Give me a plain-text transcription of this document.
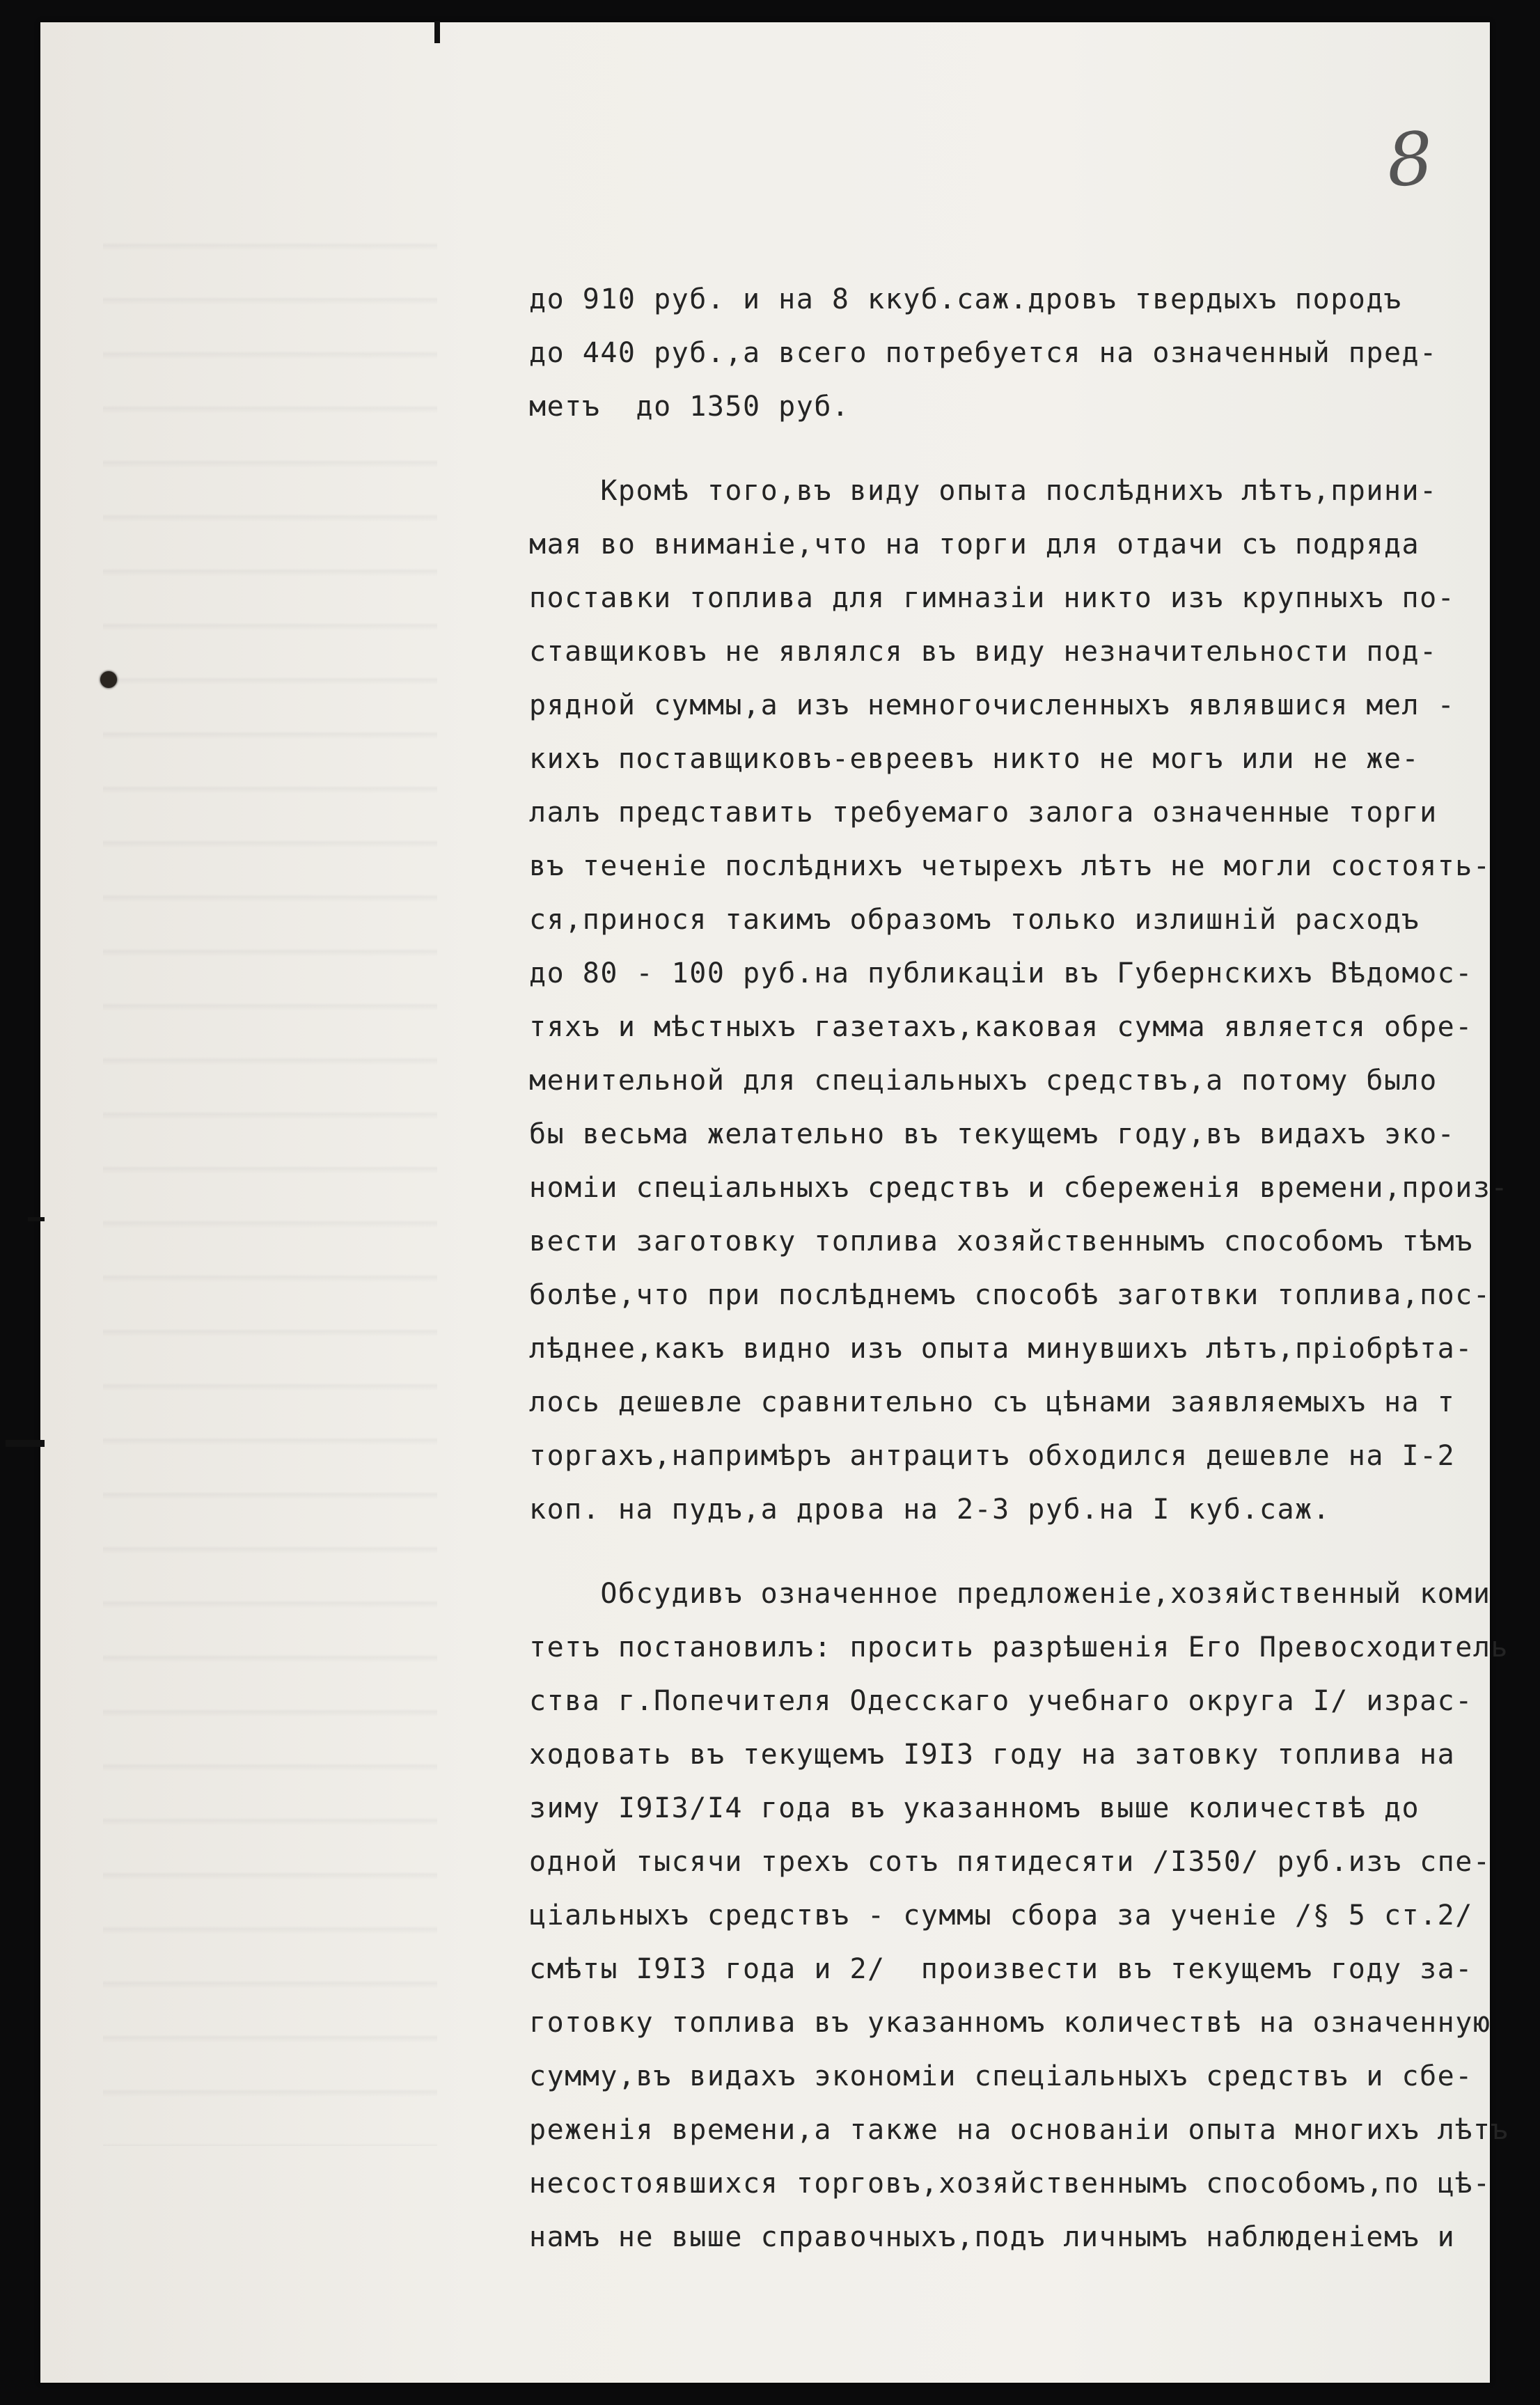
8
до 910 руб. и на 8 ккуб.саж.дровъ твердыхъ породъ
до 440 руб.,а всего потребуется на означенный пред-
метъ  до 1350 руб.
Кромѣ того,въ виду опыта послѣднихъ лѣтъ,прини-
мая во вниманіе,что на торги для отдачи съ подряда
поставки топлива для гимназіи никто изъ крупныхъ по-
ставщиковъ не являлся въ виду незначительности под-
рядной суммы,а изъ немногочисленныхъ являвшися мел -
кихъ поставщиковъ-евреевъ никто не могъ или не же-
лалъ представить требуемаго залога означенные торги
въ теченіе послѣднихъ четырехъ лѣтъ не могли состоять-
ся,принося такимъ образомъ только излишній расходъ
до 80 - 100 руб.на публикаціи въ Губернскихъ Вѣдомос-
тяхъ и мѣстныхъ газетахъ,каковая сумма является обре-
менительной для спеціальныхъ средствъ,а потому было
бы весьма желательно въ текущемъ году,въ видахъ эко-
номіи спеціальныхъ средствъ и сбереженія времени,произ-
вести заготовку топлива хозяйственнымъ способомъ тѣмъ
болѣе,что при послѣднемъ способѣ заготвки топлива,пос-
лѣднее,какъ видно изъ опыта минувшихъ лѣтъ,пріобрѣта-
лось дешевле сравнительно съ цѣнами заявляемыхъ на т
торгахъ,напримѣръ антрацитъ обходился дешевле на I-2
коп. на пудъ,а дрова на 2-3 руб.на I куб.саж.
Обсудивъ означенное предложеніе,хозяйственный коми
тетъ постановилъ: просить разрѣшенія Его Превосходитель
ства г.Попечителя Одесскаго учебнаго округа I/ израс-
ходовать въ текущемъ I9I3 году на затовку топлива на
зиму I9I3/I4 года въ указанномъ выше количествѣ до
одной тысячи трехъ сотъ пятидесяти /I350/ руб.изъ спе-
ціальныхъ средствъ - суммы сбора за ученіе /§ 5 ст.2/
смѣты I9I3 года и 2/  произвести въ текущемъ году за-
готовку топлива въ указанномъ количествѣ на означенную
сумму,въ видахъ экономіи спеціальныхъ средствъ и сбе-
реженія времени,а также на основаніи опыта многихъ лѣтъ
несостоявшихся торговъ,хозяйственнымъ способомъ,по цѣ-
намъ не выше справочныхъ,подъ личнымъ наблюденіемъ и
